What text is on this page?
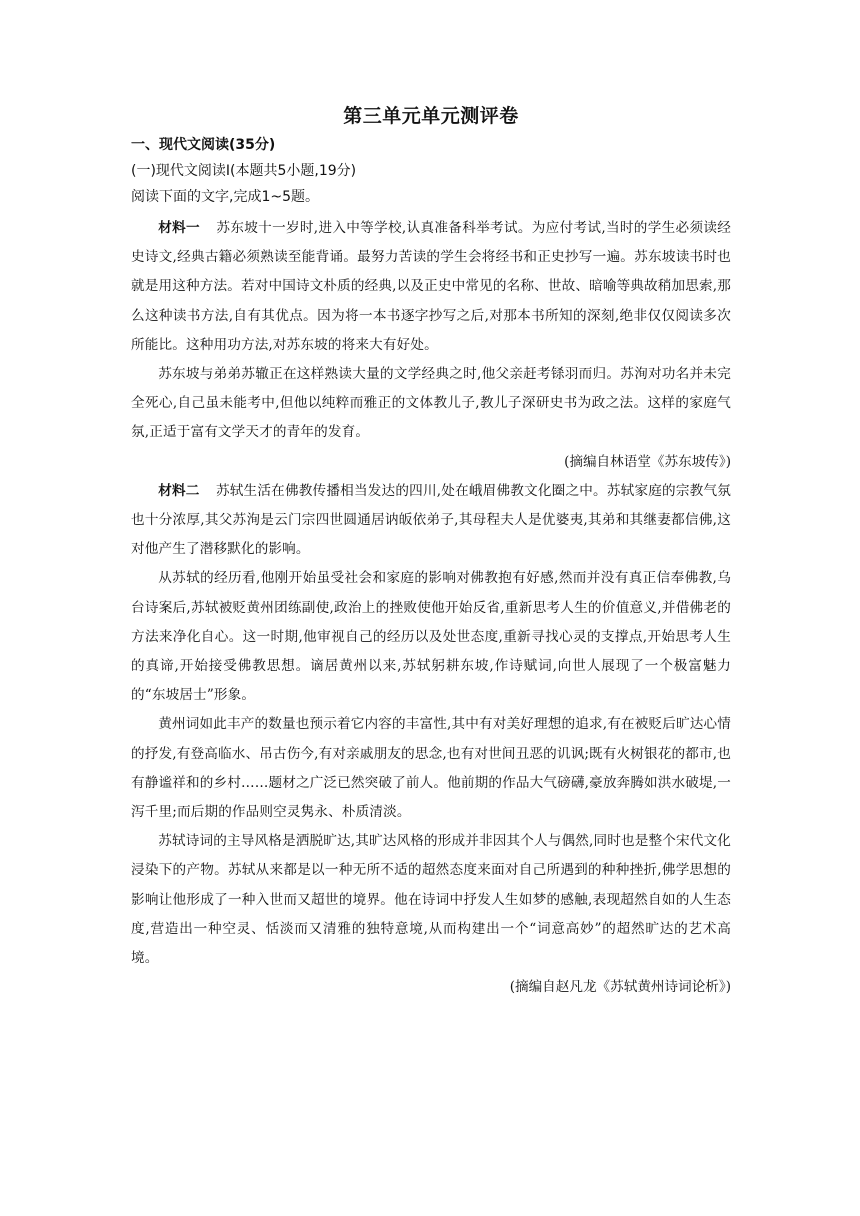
第三单元单元测评卷

一、现代文阅读(35分)

(一)现代文阅读Ⅰ(本题共5小题,19分)

阅读下面的文字,完成1~5题。

材料一 苏东坡十一岁时,进入中等学校,认真准备科举考试。为应付考试,当时的学生必须读经史诗文,经典古籍必须熟读至能背诵。最努力苦读的学生会将经书和正史抄写一遍。苏东坡读书时也就是用这种方法。若对中国诗文朴质的经典,以及正史中常见的名称、世故、暗喻等典故稍加思索,那么这种读书方法,自有其优点。因为将一本书逐字抄写之后,对那本书所知的深刻,绝非仅仅阅读多次所能比。这种用功方法,对苏东坡的将来大有好处。

苏东坡与弟弟苏辙正在这样熟读大量的文学经典之时,他父亲赶考铩羽而归。苏洵对功名并未完全死心,自己虽未能考中,但他以纯粹而雅正的文体教儿子,教儿子深研史书为政之法。这样的家庭气氛,正适于富有文学天才的青年的发育。

(摘编自林语堂《苏东坡传》)

材料二 苏轼生活在佛教传播相当发达的四川,处在峨眉佛教文化圈之中。苏轼家庭的宗教气氛也十分浓厚,其父苏洵是云门宗四世圆通居讷皈依弟子,其母程夫人是优婆夷,其弟和其继妻都信佛,这对他产生了潜移默化的影响。

从苏轼的经历看,他刚开始虽受社会和家庭的影响对佛教抱有好感,然而并没有真正信奉佛教,乌台诗案后,苏轼被贬黄州团练副使,政治上的挫败使他开始反省,重新思考人生的价值意义,并借佛老的方法来净化自心。这一时期,他审视自己的经历以及处世态度,重新寻找心灵的支撑点,开始思考人生的真谛,开始接受佛教思想。谪居黄州以来,苏轼躬耕东坡,作诗赋词,向世人展现了一个极富魅力的“东坡居士”形象。

黄州词如此丰产的数量也预示着它内容的丰富性,其中有对美好理想的追求,有在被贬后旷达心情的抒发,有登高临水、吊古伤今,有对亲戚朋友的思念,也有对世间丑恶的讥讽;既有火树银花的都市,也有静谧祥和的乡村……题材之广泛已然突破了前人。他前期的作品大气磅礴,豪放奔腾如洪水破堤,一泻千里;而后期的作品则空灵隽永、朴质清淡。

苏轼诗词的主导风格是洒脱旷达,其旷达风格的形成并非因其个人与偶然,同时也是整个宋代文化浸染下的产物。苏轼从来都是以一种无所不适的超然态度来面对自己所遇到的种种挫折,佛学思想的影响让他形成了一种入世而又超世的境界。他在诗词中抒发人生如梦的感触,表现超然自如的人生态度,营造出一种空灵、恬淡而又清雅的独特意境,从而构建出一个“词意高妙”的超然旷达的艺术高境。

(摘编自赵凡龙《苏轼黄州诗词论析》)
